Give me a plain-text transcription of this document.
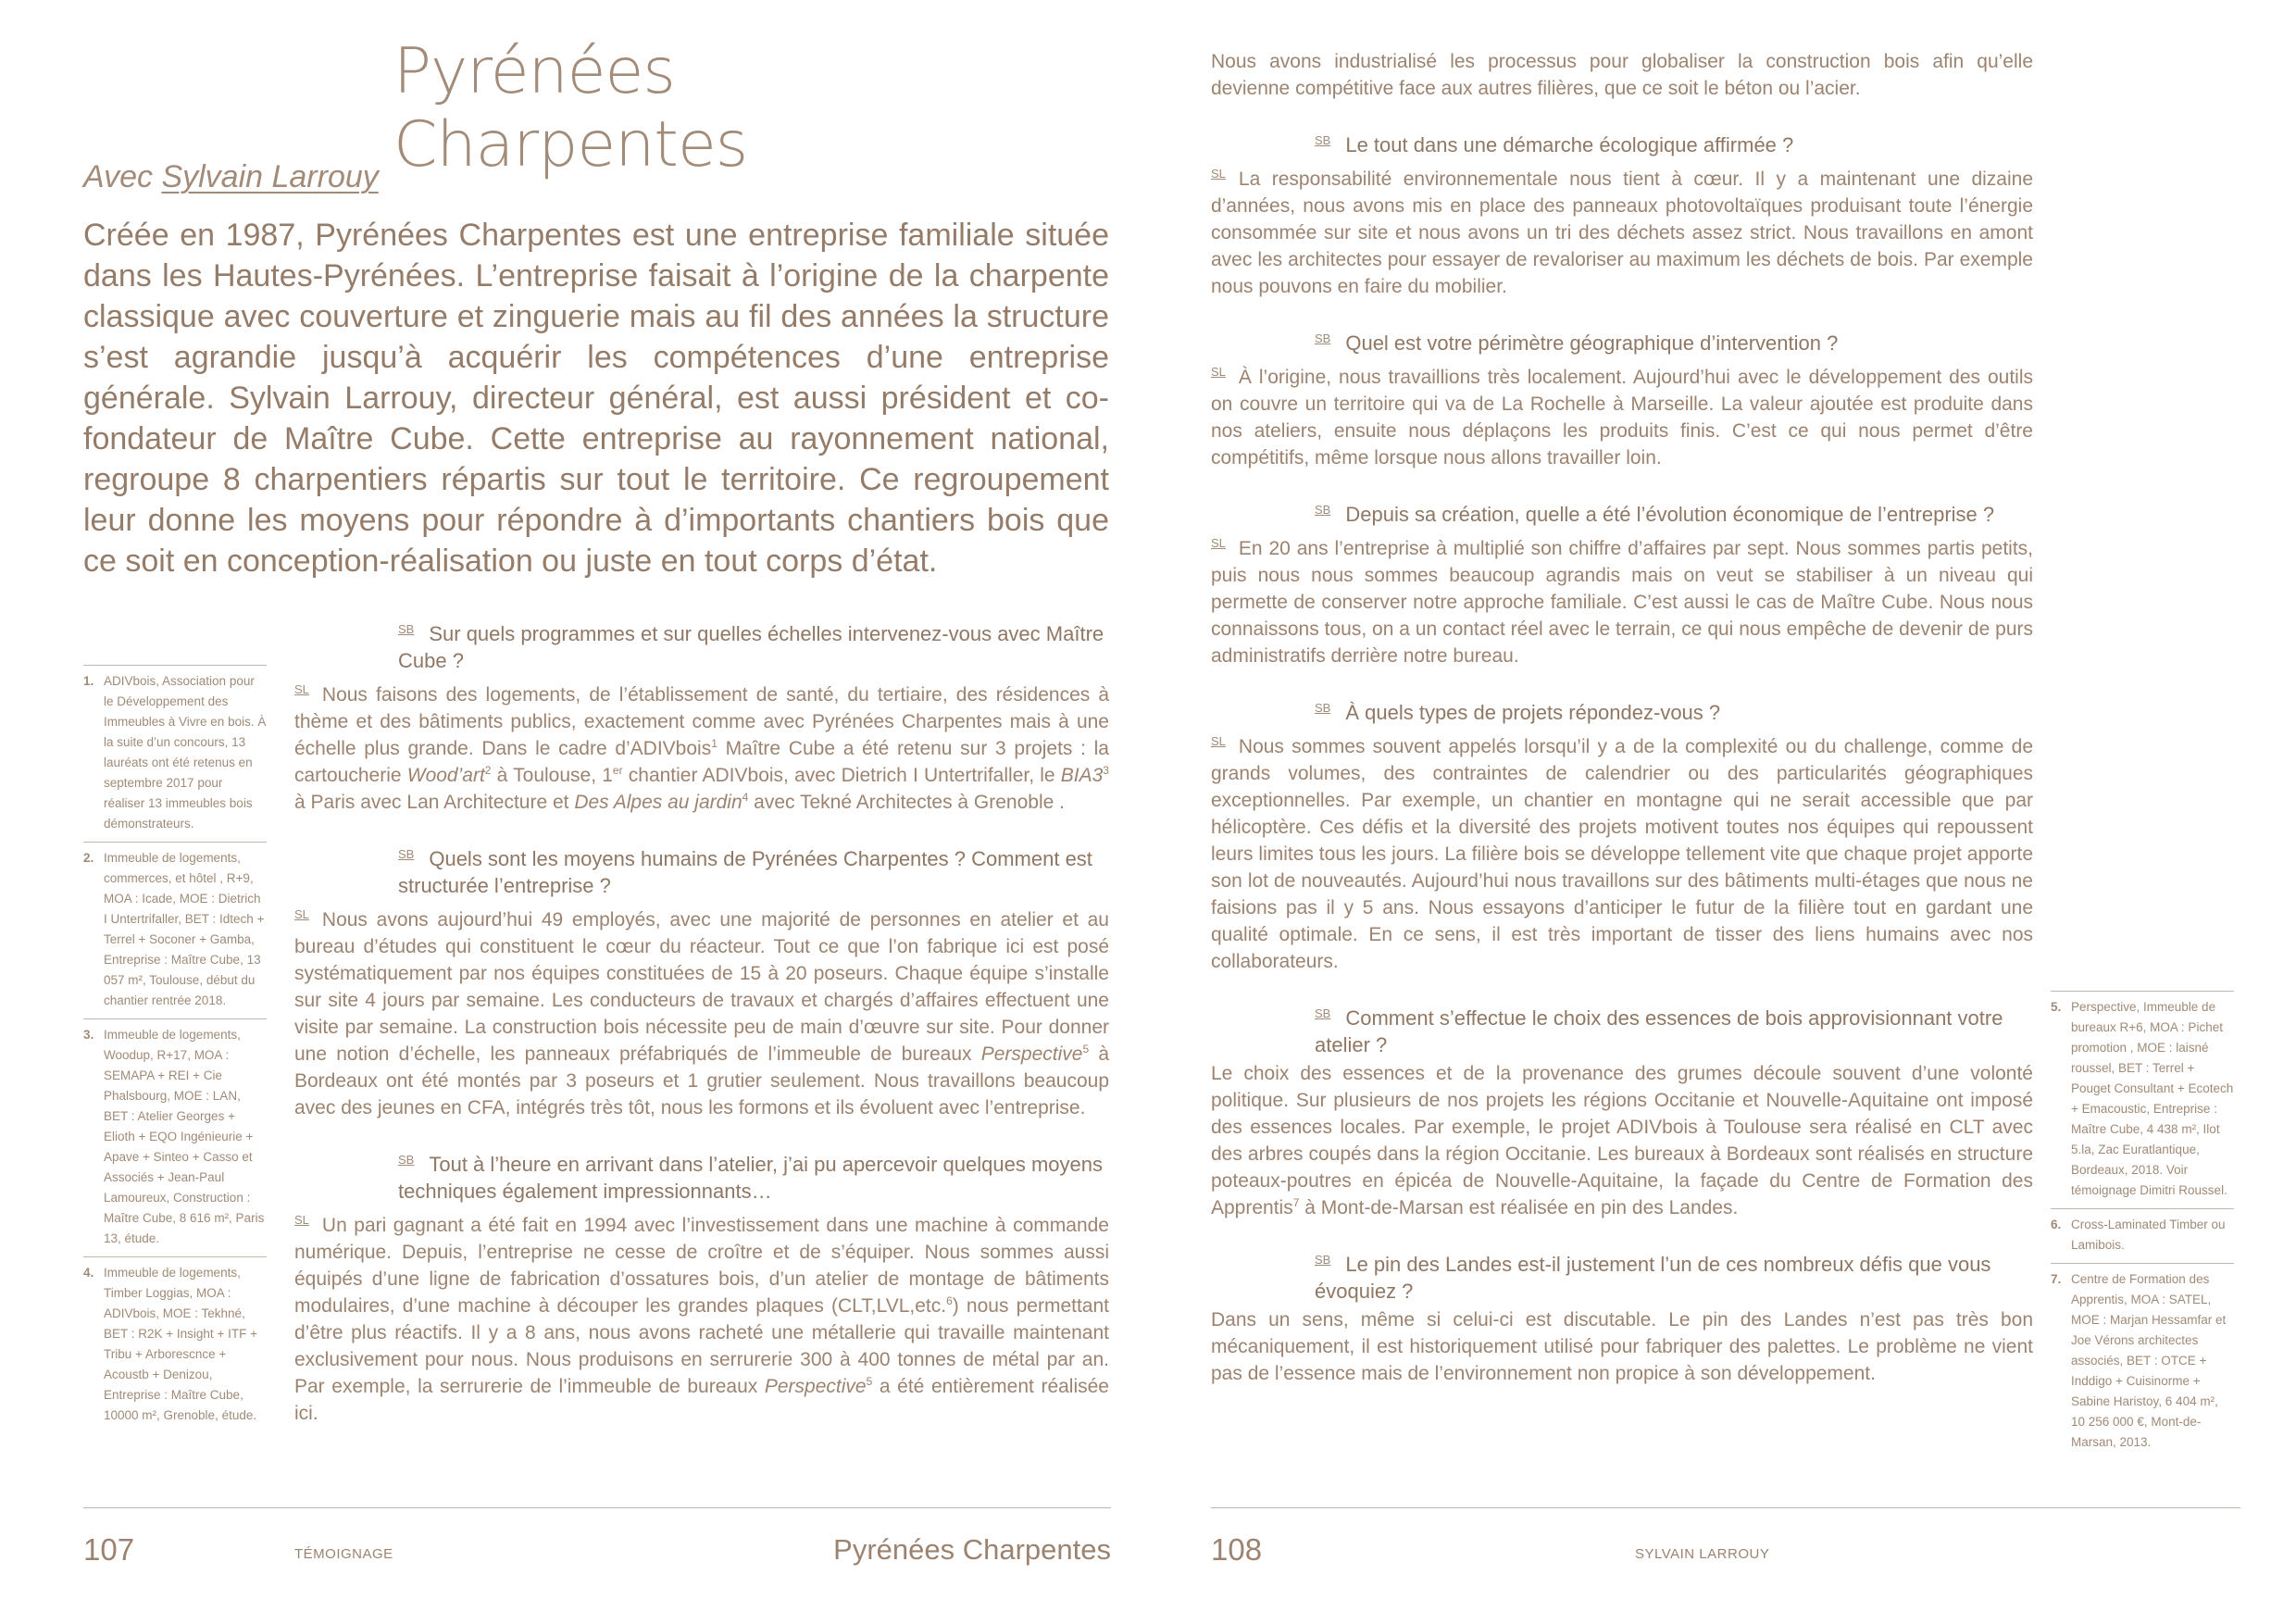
Pyrénées Charpentes

Avec Sylvain Larrouy

Créée en 1987, Pyrénées Charpentes est une entreprise familiale située dans les Hautes-Pyrénées. L’entreprise faisait à l’origine de la charpente classique avec couverture et zinguerie mais au fil des années la structure s’est agrandie jusqu’à acquérir les compétences d’une entreprise générale. Sylvain Larrouy, directeur général, est aussi président et co-fondateur de Maître Cube. Cette entreprise au rayonnement national, regroupe 8 charpentiers répartis sur tout le territoire. Ce regroupement leur donne les moyens pour répondre à d’importants chantiers bois que ce soit en conception-réalisation ou juste en tout corps d’état.

1. ADIVbois, Association pour le Développement des Immeubles à Vivre en bois. À la suite d’un concours, 13 lauréats ont été retenus en septembre 2017 pour réaliser 13 immeubles bois démonstrateurs.
2. Immeuble de logements, commerces, et hôtel , R+9, MOA : Icade, MOE : Dietrich I Untertrifaller, BET : Idtech + Terrel + Soconer + Gamba, Entreprise : Maître Cube, 13 057 m², Toulouse, début du chantier rentrée 2018.
3. Immeuble de logements, Woodup, R+17, MOA : SEMAPA + REI + Cie Phalsbourg, MOE : LAN, BET : Atelier Georges + Elioth + EQO Ingénieurie + Apave + Sinteo + Casso et Associés + Jean-Paul Lamoureux, Construction : Maître Cube, 8 616 m², Paris 13, étude.
4. Immeuble de logements, Timber Loggias, MOA : ADIVbois, MOE : Tekhné, BET : R2K + Insight + ITF + Tribu + Arborescnce + Acoustb + Denizou, Entreprise : Maître Cube, 10000 m², Grenoble, étude.

SB Sur quels programmes et sur quelles échelles intervenez-vous avec Maître Cube ?

SL Nous faisons des logements, de l’établissement de santé, du tertiaire, des résidences à thème et des bâtiments publics, exactement comme avec Pyrénées Charpentes mais à une échelle plus grande. Dans le cadre d’ADIVbois$^1$ Maître Cube a été retenu sur 3 projets : la cartoucherie Wood’art$^2$ à Toulouse, 1er chantier ADIVbois, avec Dietrich I Untertrifaller, le $BIA3^3$ à Paris avec Lan Architecture et Des Alpes au jardin$^4$ avec Tekné Architectes à Grenoble .

SB Quels sont les moyens humains de Pyrénées Charpentes ? Comment est structurée l’entreprise ?

SL Nous avons aujourd’hui 49 employés, avec une majorité de personnes en atelier et au bureau d’études qui constituent le cœur du réacteur. Tout ce que l’on fabrique ici est posé systématiquement par nos équipes constituées de 15 à 20 poseurs. Chaque équipe s’installe sur site 4 jours par semaine. Les conducteurs de travaux et chargés d’affaires effectuent une visite par semaine. La construction bois nécessite peu de main d’œuvre sur site. Pour donner une notion d’échelle, les panneaux préfabriqués de l’immeuble de bureaux Perspective$^5$ à Bordeaux ont été montés par 3 poseurs et 1 grutier seulement. Nous travaillons beaucoup avec des jeunes en CFA, intégrés très tôt, nous les formons et ils évoluent avec l’entreprise.

SB Tout à l’heure en arrivant dans l’atelier, j’ai pu apercevoir quelques moyens techniques également impressionnants…

SL Un pari gagnant a été fait en 1994 avec l’investissement dans une machine à commande numérique. Depuis, l’entreprise ne cesse de croître et de s’équiper. Nous sommes aussi équipés d’une ligne de fabrication d’ossatures bois, d’un atelier de montage de bâtiments modulaires, d’une machine à découper les grandes plaques (CLT,LVL,etc.$^6$) nous permettant d’être plus réactifs. Il y a 8 ans, nous avons racheté une métallerie qui travaille maintenant exclusivement pour nous. Nous produisons en serrurerie 300 à 400 tonnes de métal par an. Par exemple, la serrurerie de l’immeuble de bureaux Perspective$^5$ a été entièrement réalisée ici.

107	TÉMOIGNAGE	Pyrénées Charpentes

Nous avons industrialisé les processus pour globaliser la construction bois afin qu’elle devienne compétitive face aux autres filières, que ce soit le béton ou l’acier.

SB Le tout dans une démarche écologique affirmée ?

SL La responsabilité environnementale nous tient à cœur. Il y a maintenant une dizaine d’années, nous avons mis en place des panneaux photovoltaïques produisant toute l’énergie consommée sur site et nous avons un tri des déchets assez strict. Nous travaillons en amont avec les architectes pour essayer de revaloriser au maximum les déchets de bois. Par exemple nous pouvons en faire du mobilier.

SB Quel est votre périmètre géographique d’intervention ?

SL À l’origine, nous travaillions très localement. Aujourd’hui avec le développement des outils on couvre un territoire qui va de La Rochelle à Marseille. La valeur ajoutée est produite dans nos ateliers, ensuite nous déplaçons les produits finis. C’est ce qui nous permet d’être compétitifs, même lorsque nous allons travailler loin.

SB Depuis sa création, quelle a été l’évolution économique de l’entreprise ?

SL En 20 ans l’entreprise à multiplié son chiffre d’affaires par sept. Nous sommes partis petits, puis nous nous sommes beaucoup agrandis mais on veut se stabiliser à un niveau qui permette de conserver notre approche familiale. C’est aussi le cas de Maître Cube. Nous nous connaissons tous, on a un contact réel avec le terrain, ce qui nous empêche de devenir de purs administratifs derrière notre bureau.

SB À quels types de projets répondez-vous ?

SL Nous sommes souvent appelés lorsqu’il y a de la complexité ou du challenge, comme de grands volumes, des contraintes de calendrier ou des particularités géographiques exceptionnelles. Par exemple, un chantier en montagne qui ne serait accessible que par hélicoptère. Ces défis et la diversité des projets motivent toutes nos équipes qui repoussent leurs limites tous les jours. La filière bois se développe tellement vite que chaque projet apporte son lot de nouveautés. Aujourd’hui nous travaillons sur des bâtiments multi-étages que nous ne faisions pas il y 5 ans. Nous essayons d’anticiper le futur de la filière tout en gardant une qualité optimale. En ce sens, il est très important de tisser des liens humains avec nos collaborateurs.

SB Comment s’effectue le choix des essences de bois approvisionnant votre atelier ?

Le choix des essences et de la provenance des grumes découle souvent d’une volonté politique. Sur plusieurs de nos projets les régions Occitanie et Nouvelle-Aquitaine ont imposé des essences locales. Par exemple, le projet ADIVbois à Toulouse sera réalisé en CLT avec des arbres coupés dans la région Occitanie. Les bureaux à Bordeaux sont réalisés en structure poteaux-poutres en épicéa de Nouvelle-Aquitaine, la façade du Centre de Formation des Apprentis$^7$ à Mont-de-Marsan est réalisée en pin des Landes.

SB Le pin des Landes est-il justement l’un de ces nombreux défis que vous évoquiez ?

Dans un sens, même si celui-ci est discutable. Le pin des Landes n’est pas très bon mécaniquement, il est historiquement utilisé pour fabriquer des palettes. Le problème ne vient pas de l’essence mais de l’environnement non propice à son développement.

5. Perspective, Immeuble de bureaux R+6, MOA : Pichet promotion , MOE : laisné roussel, BET : Terrel + Pouget Consultant + Ecotech + Emacoustic, Entreprise : Maître Cube, 4 438 m², Ilot 5.la, Zac Euratlantique, Bordeaux, 2018. Voir témoignage Dimitri Roussel.
6. Cross-Laminated Timber ou Lamibois.
7. Centre de Formation des Apprentis, MOA : SATEL, MOE : Marjan Hessamfar et Joe Vérons architectes associés, BET : OTCE + Inddigo + Cuisinorme + Sabine Haristoy, 6 404 m², 10 256 000 €, Mont-de-Marsan, 2013.

108	SYLVAIN LARROUY
